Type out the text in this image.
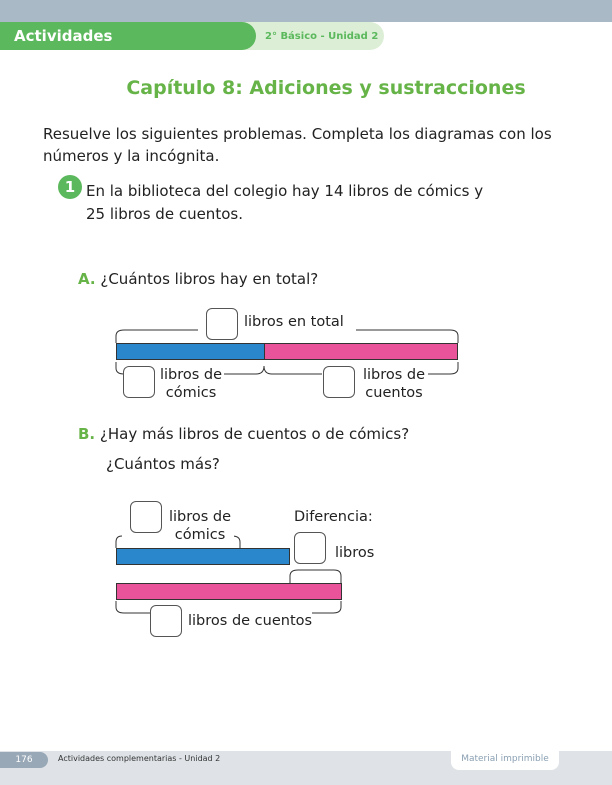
Actividades complementarias
2° Básico - Unidad 2
Capítulo 8: Adiciones y sustracciones
Resuelve los siguientes problemas. Completa los diagramas con los números y la incógnita.
1 En la biblioteca del colegio hay 14 libros de cómics y
25 libros de cuentos.
A. ¿Cuántos libros hay en total?
libros en total
libros de
cómics
libros de
cuentos
B. ¿Hay más libros de cuentos o de cómics?
¿Cuántos más?
libros de
cómics
Diferencia:
libros
libros de cuentos
176	Actividades complementarias - Unidad 2	Material imprimible
